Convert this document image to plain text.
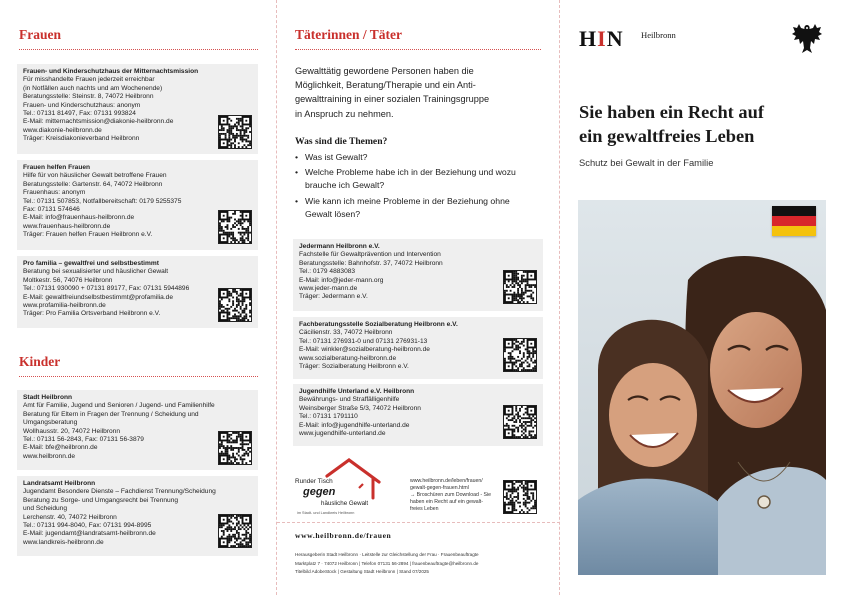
Frauen
Frauen- und Kinderschutzhaus der Mitternachtsmission
Für misshandelte Frauen jederzeit erreichbar
(in Notfällen auch nachts und am Wochenende)
Beratungsstelle: Steinstr. 8, 74072 Heilbronn
Frauen- und Kinderschutzhaus: anonym
Tel.: 07131 81497, Fax: 07131 993824
E-Mail: mitternachtsmission@diakonie-heilbronn.de
www.diakonie-heilbronn.de
Träger: Kreisdiakonieverband Heilbronn
Frauen helfen Frauen
Hilfe für von häuslicher Gewalt betroffene Frauen
Beratungsstelle: Gartenstr. 64, 74072 Heilbronn
Frauenhaus: anonym
Tel.: 07131 507853, Notfallbereitschaft: 0179 5255375
Fax: 07131 574646
E-Mail: info@frauenhaus-heilbronn.de
www.frauenhaus-heilbronn.de
Träger: Frauen helfen Frauen Heilbronn e.V.
Pro familia – gewaltfrei und selbstbestimmt
Beratung bei sexualisierter und häuslicher Gewalt
Moltkestr. 56, 74076 Heilbronn
Tel.: 07131 930090 + 07131 89177, Fax: 07131 5944896
E-Mail: gewaltfreiundselbstbestimmt@profamilia.de
www.profamilia-heilbronn.de
Träger: Pro Familia Ortsverband Heilbronn e.V.
Kinder
Stadt Heilbronn
Amt für Familie, Jugend und Senioren / Jugend- und Familienhilfe
Beratung für Eltern in Fragen der Trennung / Scheidung und
Umgangsberatung
Wollhausstr. 20, 74072 Heilbronn
Tel.: 07131 56-2843, Fax: 07131 56-3879
E-Mail: bfe@heilbronn.de
www.heilbronn.de
Landratsamt Heilbronn
Jugendamt Besondere Dienste – Fachdienst Trennung/Scheidung
Beratung zu Sorge- und Umgangsrecht bei Trennung
und Scheidung
Lerchenstr. 40, 74072 Heilbronn
Tel.: 07131 994-8040, Fax: 07131 994-8995
E-Mail: jugendamt@landratsamt-heilbronn.de
www.landkreis-heilbronn.de
Täterinnen / Täter
Gewalttätig gewordene Personen haben die
Möglichkeit, Beratung/Therapie und ein Anti-
gewalttraining in einer sozialen Trainingsgruppe
in Anspruch zu nehmen.
Was sind die Themen?
• Was ist Gewalt?
• Welche Probleme habe ich in der Beziehung und wozu brauche ich Gewalt?
• Wie kann ich meine Probleme in der Beziehung ohne Gewalt lösen?
Jedermann Heilbronn e.V.
Fachstelle für Gewaltprävention und Intervention
Beratungsstelle: Bahnhofstr. 37, 74072 Heilbronn
Tel.: 0179 4883083
E-Mail: info@jeder-mann.org
www.jeder-mann.de
Träger: Jedermann e.V.
Fachberatungsstelle Sozialberatung Heilbronn e.V.
Cäcilienstr. 33, 74072 Heilbronn
Tel.: 07131 276931-0 und 07131 276931-13
E-Mail: winkler@sozialberatung-heilbronn.de
www.sozialberatung-heilbronn.de
Träger: Sozialberatung Heilbronn e.V.
Jugendhilfe Unterland e.V. Heilbronn
Bewährungs- und Straffälligenhilfe
Weinsberger Straße 5/3, 74072 Heilbronn
Tel.: 07131 1791110
E-Mail: info@jugendhilfe-unterland.de
www.jugendhilfe-unterland.de
Runder Tisch
gegen
häusliche Gewalt
im Stadt- und Landkreis Heilbronn
www.heilbronn.de/leben/frauen/
gewalt-gegen-frauen.html
→ Broschüren zum Download - Sie
haben ein Recht auf ein gewalt-
freies Leben
www.heilbronn.de/frauen
Herausgeberin Stadt Heilbronn · Leitstelle zur Gleichstellung der Frau · Frauenbeauftragte
Marktplatz 7 · 74072 Heilbronn | Telefon 07131 56-2894 | frauenbeauftragte@heilbronn.de
Titelbild AdobeStock | Gestaltung Stadt Heilbronn | Stand 07/2025
HIN Heilbronn
Sie haben ein Recht auf
ein gewaltfreies Leben
Schutz bei Gewalt in der Familie
